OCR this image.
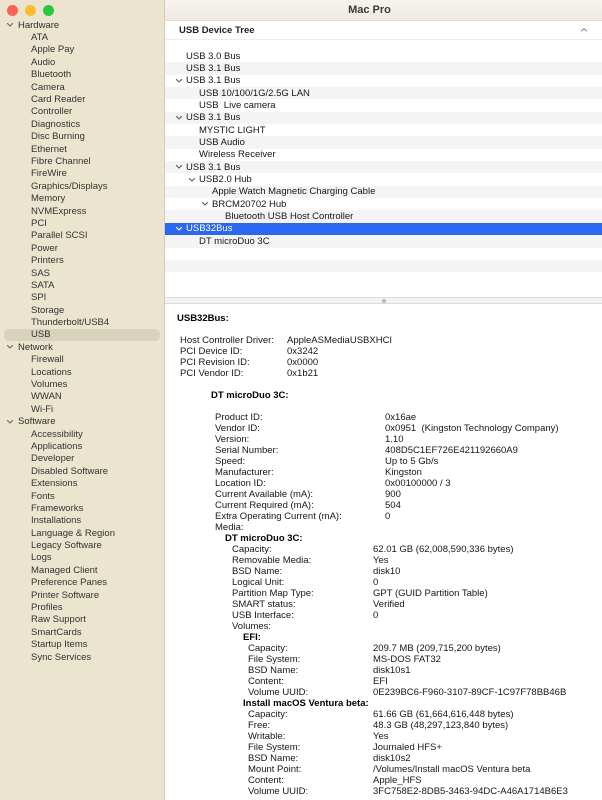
Hardware
ATA
Apple Pay
Audio
Bluetooth
Camera
Card Reader
Controller
Diagnostics
Disc Burning
Ethernet
Fibre Channel
FireWire
Graphics/Displays
Memory
NVMExpress
PCI
Parallel SCSI
Power
Printers
SAS
SATA
SPI
Storage
Thunderbolt/USB4
USB
Network
Firewall
Locations
Volumes
WWAN
Wi-Fi
Software
Accessibility
Applications
Developer
Disabled Software
Extensions
Fonts
Frameworks
Installations
Language & Region
Legacy Software
Logs
Managed Client
Preference Panes
Printer Software
Profiles
Raw Support
SmartCards
Startup Items
Sync Services
Mac Pro
USB Device Tree
USB 3.0 Bus
USB 3.1 Bus
USB 3.1 Bus
USB 10/100/1G/2.5G LAN
USB  Live camera
USB 3.1 Bus
MYSTIC LIGHT
USB Audio
Wireless Receiver
USB 3.1 Bus
USB2.0 Hub
Apple Watch Magnetic Charging Cable
BRCM20702 Hub
Bluetooth USB Host Controller
USB32Bus
DT microDuo 3C
USB32Bus:
Host Controller Driver:	AppleASMediaUSBXHCI
PCI Device ID:	0x3242
PCI Revision ID:	0x0000
PCI Vendor ID:	0x1b21
DT microDuo 3C:
Product ID:	0x16ae
Vendor ID:	0x0951  (Kingston Technology Company)
Version:	1.10
Serial Number:	408D5C1EF726E421192660A9
Speed:	Up to 5 Gb/s
Manufacturer:	Kingston
Location ID:	0x00100000 / 3
Current Available (mA):	900
Current Required (mA):	504
Extra Operating Current (mA):	0
Media:
DT microDuo 3C:
Capacity:	62.01 GB (62,008,590,336 bytes)
Removable Media:	Yes
BSD Name:	disk10
Logical Unit:	0
Partition Map Type:	GPT (GUID Partition Table)
SMART status:	Verified
USB Interface:	0
Volumes:
EFI:
Capacity:	209.7 MB (209,715,200 bytes)
File System:	MS-DOS FAT32
BSD Name:	disk10s1
Content:	EFI
Volume UUID:	0E239BC6-F960-3107-89CF-1C97F78BB46B
Install macOS Ventura beta:
Capacity:	61.66 GB (61,664,616,448 bytes)
Free:	48.3 GB (48,297,123,840 bytes)
Writable:	Yes
File System:	Journaled HFS+
BSD Name:	disk10s2
Mount Point:	/Volumes/Install macOS Ventura beta
Content:	Apple_HFS
Volume UUID:	3FC758E2-8DB5-3463-94DC-A46A1714B6E3
